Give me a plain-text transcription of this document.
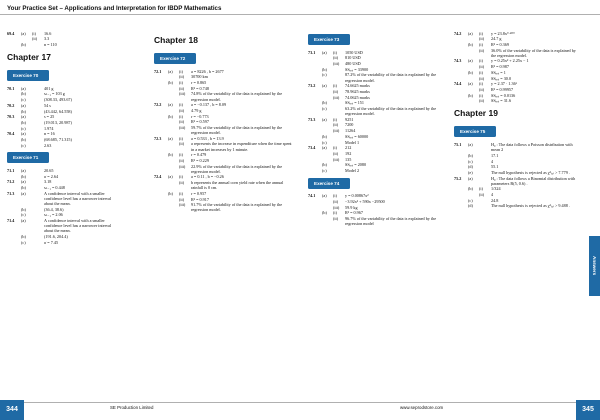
Your Practice Set – Applications and Interpretation for IBDP Mathematics
69.4	(a)	(i)	16.6
(ii)	3.3
(b)	n = 110
Chapter 17
Exercise 70
70.1	(a)	401 g
(b)	sₙ₋₁ = 103 g
(c)	(308.33, 493.67)
70.2	(a)	54 s
(b)	(43.442, 64.558)
70.3	(a)	s = 25
(b)	(19.013, 20.987)
(c)	1.974
70.4	(a)	n = 16
(b)	(68.685, 71.315)
(c)	2.63
Exercise 71
71.1	(a)	20.65
(b)	σ = 2.64
71.2	(a)	3.18
(b)	sₙ₋₁ = 0.448
71.3	(a)	A confidence interval with a smaller confidence level has a narrower interval about the mean.
(b)	(36.4, 38.6)
(c)	sₙ₋₁ = 2.06
71.4	(a)	A confidence interval with a smaller confidence level has a narrower interval about the mean.
(b)	(191.6, 204.4)
(c)	σ = 7.45
Chapter 18
Exercise 72
72.1	(a)	(i)	a = 8226 , b = 2677
(ii)	30700 km
(b)	(i)	r = 0.865
(ii)	R² = 0.748
(iii)	74.8% of the variability of the data is explained by the regression model.
72.2	(a)	(i)	a = −0.137 , b = 8.09
(ii)	4.79 g
(b)	(i)	r = −0.773
(ii)	R² = 0.597
(iii)	59.7% of the variability of the data is explained by the regression model.
72.3	(a)	(i)	a = 0.533 , b = 13.9
(ii)	a represents the increase in expenditure when the time spent in a market increases by 1 minute.
(b)	(i)	r = 0.479
(ii)	R² = 0.229
(iii)	22.9% of the variability of the data is explained by the regression model.
72.4	(a)	(i)	a = 0.11 , b = −0.26
(ii)	b represents the annual corn yield rate when the annual rainfall is 0 cm.
(b)	(i)	r = 0.957
(ii)	R² = 0.917
(iii)	91.7% of the variability of the data is explained by the regression model.
Exercise 73
73.1	(a)	(i)	1050 USD
(ii)	810 USD
(iii)	480 USD
(b)	SSᵣₑₛ = 33900
(c)	87.2% of the variability of the data is explained by the regression model.
73.2	(a)	(i)	74.6625 marks
(ii)	78.9625 marks
(iii)	74.0625 marks
(b)	SSᵣₑₛ = 151
(c)	63.2% of the variability of the data is explained by the regression model.
73.3	(a)	(i)	9251
(ii)	7200
(iii)	11264
(b)	SSᵣₑₛ = 60000
(c)	Model 1
73.4	(a)	(i)	212
(ii)	192
(iii)	135
(b)	SSᵣₑₛ = 2080
(c)	Model 2
Exercise 74
74.1	(a)	(i)	y = 0.00867x²
(ii)	−3.92x² + 590x −29500
(iii)	59.9 kg
(b)	(i)	R² = 0.967
(ii)	96.7% of the variability of the data is explained by the regression model
74.2	(a)	(i)	y = 23.8x⁰·⁴⁰⁰
(ii)	24.7 g
(b)	(i)	R² = 0.369
(ii)	36.0% of the variability of the data is explained by the regression model.
74.3	(a)	(i)	y = 0.25x² + 2.25x − 1
(ii)	R² = 0.987
(b)	(i)	SSᵣₑₛ = 1
(ii)	SSᵣₑₛ = 30.0
74.4	(a)	(i)	y = 2.37 · 1.36ˣ
(ii)	R² = 0.99957
(b)	(i)	SSᵣₑₛ = 0.0136
(ii)	SSᵣₑₛ = 31.6
Chapter 19
Exercise 75
75.1	(a)	H₀ : The data follows a Poisson distribution with mean 2
(b)	17.1
(c)	4
(d)	55.1
(e)	The null hypothesis is rejected as χ²ₜₐₗ > 7.779 .
75.2	(a)	H₀ : The data follows a Binomial distribution with parameters B(5, 0.6) .
(b)	(i)	1/324
(ii)	4
(c)	24.8
(d)	The null hypothesis is rejected as χ²ₜₐₗ > 9.488 .
Answers
344	SE Production Limited	www.seprodstore.com	345
